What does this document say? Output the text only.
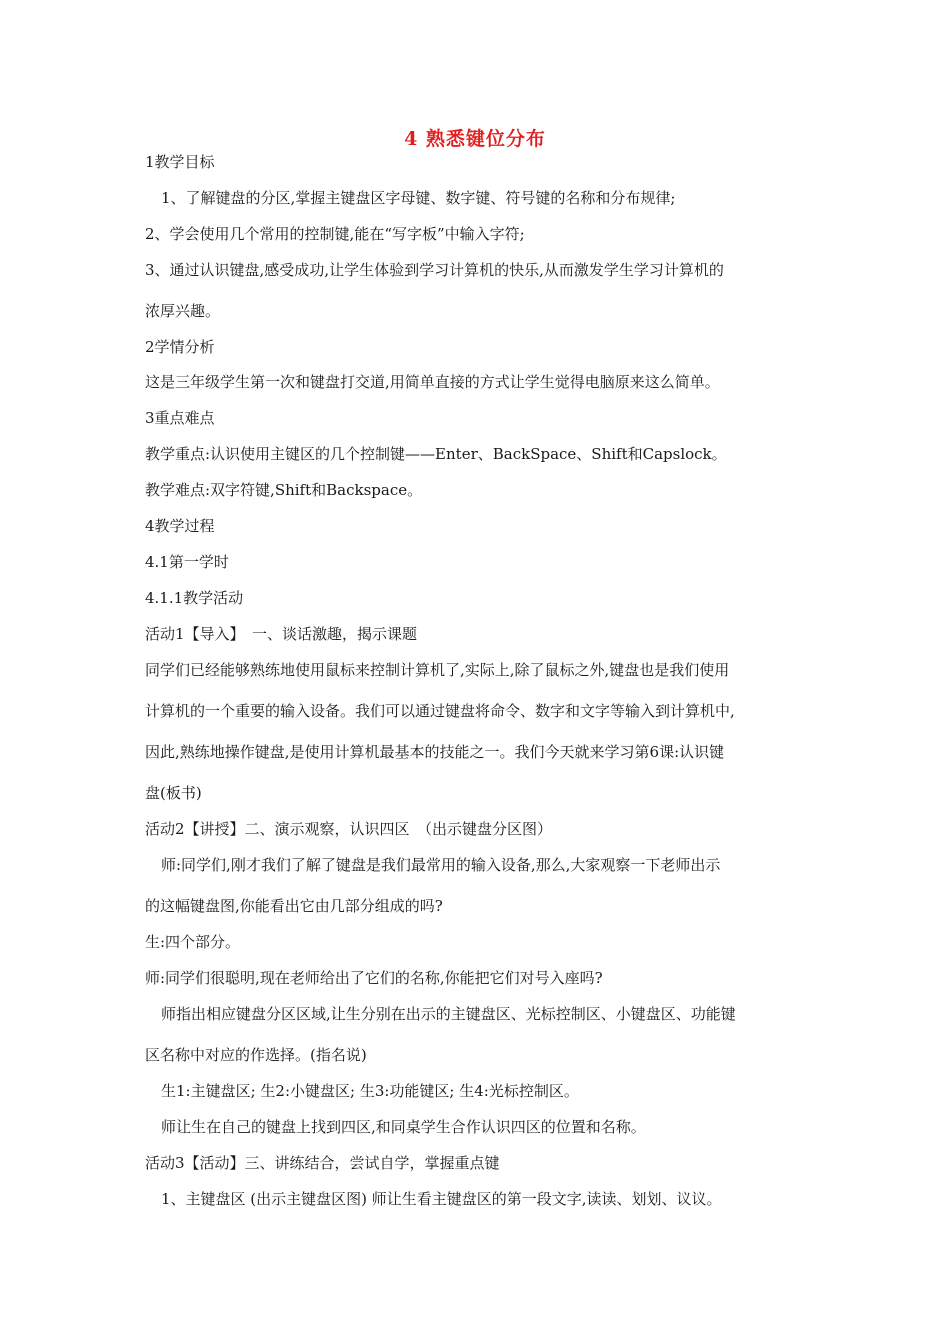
4 熟悉键位分布
1教学目标
1、了解键盘的分区,掌握主键盘区字母键、数字键、符号键的名称和分布规律;
2、学会使用几个常用的控制键,能在“写字板”中输入字符;
3、通过认识键盘,感受成功,让学生体验到学习计算机的快乐,从而激发学生学习计算机的
浓厚兴趣。
2学情分析
这是三年级学生第一次和键盘打交道,用简单直接的方式让学生觉得电脑原来这么简单。
3重点难点
教学重点:认识使用主键区的几个控制键——Enter、BackSpace、Shift和Capslock。
教学难点:双字符键,Shift和Backspace。
4教学过程
4.1第一学时
4.1.1教学活动
活动1【导入】　一、谈话激趣，揭示课题
同学们已经能够熟练地使用鼠标来控制计算机了,实际上,除了鼠标之外,键盘也是我们使用
计算机的一个重要的输入设备。我们可以通过键盘将命令、数字和文字等输入到计算机中,
因此,熟练地操作键盘,是使用计算机最基本的技能之一。我们今天就来学习第6课:认识键
盘(板书)
活动2【讲授】二、演示观察，认识四区　（出示键盘分区图）
师:同学们,刚才我们了解了键盘是我们最常用的输入设备,那么,大家观察一下老师出示
的这幅键盘图,你能看出它由几部分组成的吗?
生:四个部分。
师:同学们很聪明,现在老师给出了它们的名称,你能把它们对号入座吗?
师指出相应键盘分区区域,让生分别在出示的主键盘区、光标控制区、小键盘区、功能键
区名称中对应的作选择。(指名说)
生1:主键盘区; 生2:小键盘区; 生3:功能键区; 生4:光标控制区。
师让生在自己的键盘上找到四区,和同桌学生合作认识四区的位置和名称。
活动3【活动】三、讲练结合，尝试自学，掌握重点键
1、主键盘区 (出示主键盘区图) 师让生看主键盘区的第一段文字,读读、划划、议议。
